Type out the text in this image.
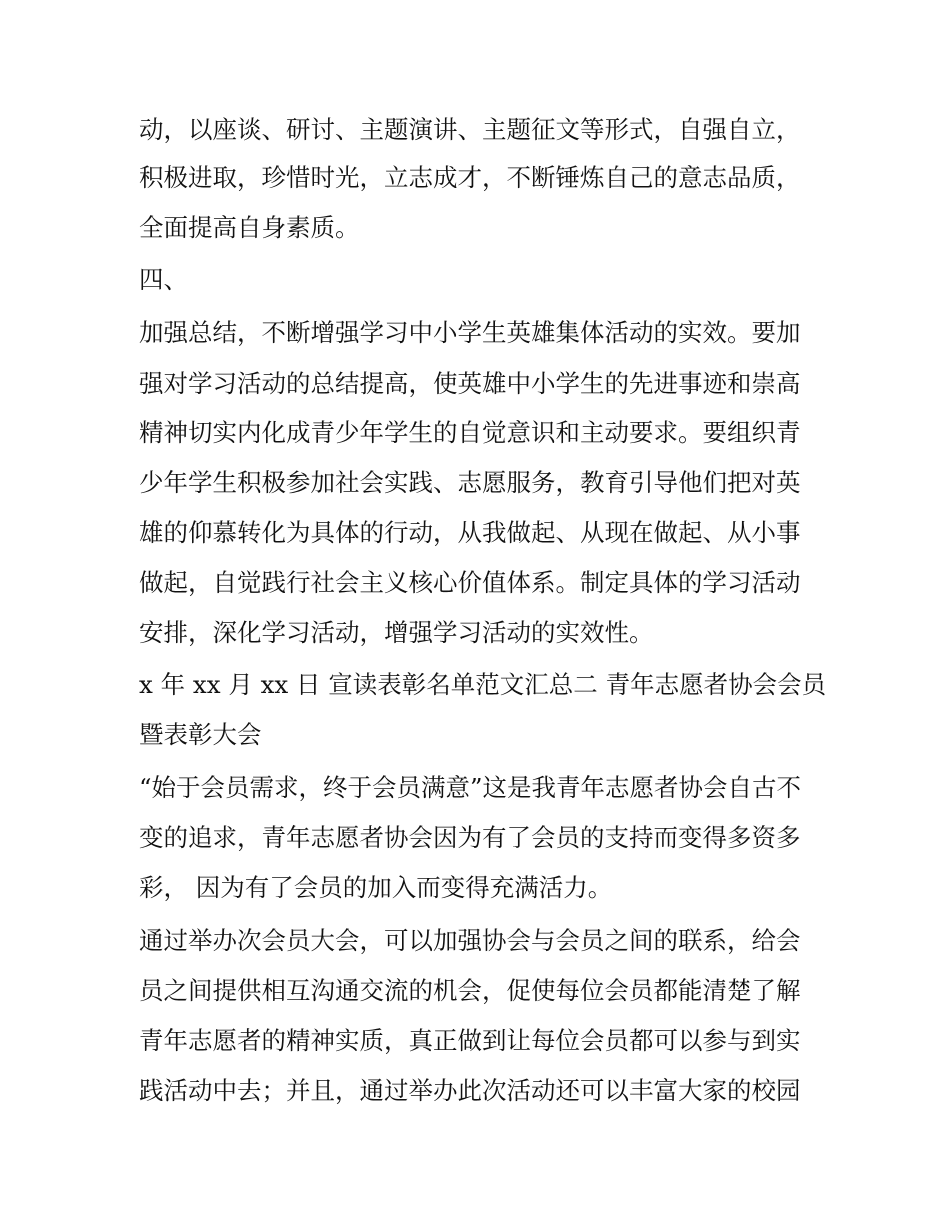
动，以座谈、研讨、主题演讲、主题征文等形式，自强自立，
积极进取，珍惜时光，立志成才，不断锤炼自己的意志品质，
全面提高自身素质。
四、
加强总结，不断增强学习中小学生英雄集体活动的实效。要加
强对学习活动的总结提高，使英雄中小学生的先进事迹和崇高
精神切实内化成青少年学生的自觉意识和主动要求。要组织青
少年学生积极参加社会实践、志愿服务，教育引导他们把对英
雄的仰慕转化为具体的行动，从我做起、从现在做起、从小事
做起，自觉践行社会主义核心价值体系。制定具体的学习活动
安排，深化学习活动，增强学习活动的实效性。
x 年 xx 月 xx 日 宣读表彰名单范文汇总二 青年志愿者协会会员
暨表彰大会
“始于会员需求，终于会员满意”这是我青年志愿者协会自古不
变的追求，青年志愿者协会因为有了会员的支持而变得多资多
彩， 因为有了会员的加入而变得充满活力。
通过举办次会员大会，可以加强协会与会员之间的联系，给会
员之间提供相互沟通交流的机会，促使每位会员都能清楚了解
青年志愿者的精神实质，真正做到让每位会员都可以参与到实
践活动中去；并且，通过举办此次活动还可以丰富大家的校园
